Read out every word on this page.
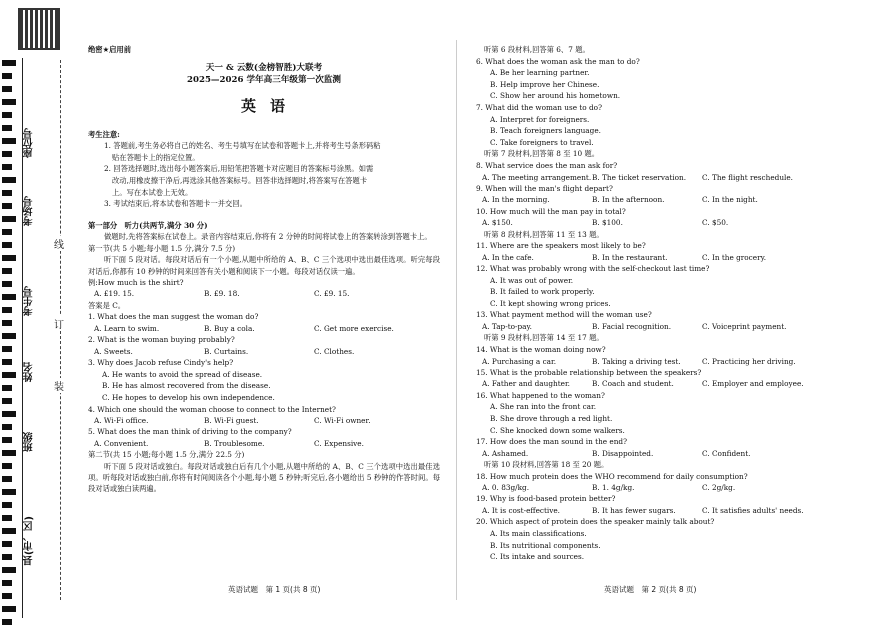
座位号
考场号
考生号
姓名
班级
县(市、区)
线
订
装
绝密★启用前
天一 & 云数(金榜智胜)大联考
2025—2026 学年高三年级第一次监测
英语
考生注意:
1. 答题前,考生务必将自己的姓名、考生号填写在试卷和答题卡上,并将考生号条形码粘
贴在答题卡上的指定位置。
2. 回答选择题时,选出每小题答案后,用铅笔把答题卡对应题目的答案标号涂黑。如需
改动,用橡皮擦干净后,再选涂其他答案标号。回答非选择题时,将答案写在答题卡
上。写在本试卷上无效。
3. 考试结束后,将本试卷和答题卡一并交回。
第一部分　听力(共两节,满分 30 分)
做题时,先将答案标在试卷上。录音内容结束后,你将有 2 分钟的时间将试卷上的答案转涂到答题卡上。
第一节(共 5 小题;每小题 1.5 分,满分 7.5 分)
听下面 5 段对话。每段对话后有一个小题,从题中所给的 A、B、C 三个选项中选出最佳选项。听完每段对话后,你都有 10 秒钟的时间来回答有关小题和阅读下一小题。每段对话仅读一遍。
例:How much is the shirt?
A. £19. 15.	B. £9. 18.	C. £9. 15.
答案是 C。
1. What does the man suggest the woman do?
A. Learn to swim.	B. Buy a cola.	C. Get more exercise.
2. What is the woman buying probably?
A. Sweets.	B. Curtains.	C. Clothes.
3. Why does Jacob refuse Cindy's help?
A. He wants to avoid the spread of disease.
B. He has almost recovered from the disease.
C. He hopes to develop his own independence.
4. Which one should the woman choose to connect to the Internet?
A. Wi-Fi office.	B. Wi-Fi guest.	C. Wi-Fi owner.
5. What does the man think of driving to the company?
A. Convenient.	B. Troublesome.	C. Expensive.
第二节(共 15 小题;每小题 1.5 分,满分 22.5 分)
听下面 5 段对话或独白。每段对话或独白后有几个小题,从题中所给的 A、B、C 三个选项中选出最佳选项。听每段对话或独白前,你将有时间阅读各个小题,每小题 5 秒钟;听完后,各小题给出 5 秒钟的作答时间。每段对话或独白读两遍。
听第 6 段材料,回答第 6、7 题。
6. What does the woman ask the man to do?
A. Be her learning partner.
B. Help improve her Chinese.
C. Show her around his hometown.
7. What did the woman use to do?
A. Interpret for foreigners.
B. Teach foreigners language.
C. Take foreigners to travel.
听第 7 段材料,回答第 8 至 10 题。
8. What service does the man ask for?
A. The meeting arrangement. B. The ticket reservation.	C. The flight reschedule.
9. When will the man's flight depart?
A. In the morning.	B. In the afternoon.	C. In the night.
10. How much will the man pay in total?
A. $150.	B. $100.	C. $50.
听第 8 段材料,回答第 11 至 13 题。
11. Where are the speakers most likely to be?
A. In the cafe.	B. In the restaurant.	C. In the grocery.
12. What was probably wrong with the self-checkout last time?
A. It was out of power.
B. It failed to work properly.
C. It kept showing wrong prices.
13. What payment method will the woman use?
A. Tap-to-pay.	B. Facial recognition.	C. Voiceprint payment.
听第 9 段材料,回答第 14 至 17 题。
14. What is the woman doing now?
A. Purchasing a car.	B. Taking a driving test.	C. Practicing her driving.
15. What is the probable relationship between the speakers?
A. Father and daughter.	B. Coach and student.	C. Employer and employee.
16. What happened to the woman?
A. She ran into the front car.
B. She drove through a red light.
C. She knocked down some walkers.
17. How does the man sound in the end?
A. Ashamed.	B. Disappointed.	C. Confident.
听第 10 段材料,回答第 18 至 20 题。
18. How much protein does the WHO recommend for daily consumption?
A. 0. 83g/kg.	B. 1. 4g/kg.	C. 2g/kg.
19. Why is food-based protein better?
A. It is cost-effective.	B. It has fewer sugars.	C. It satisfies adults' needs.
20. Which aspect of protein does the speaker mainly talk about?
A. Its main classifications.
B. Its nutritional components.
C. Its intake and sources.
英语试题　第 1 页(共 8 页)	英语试题　第 2 页(共 8 页)
